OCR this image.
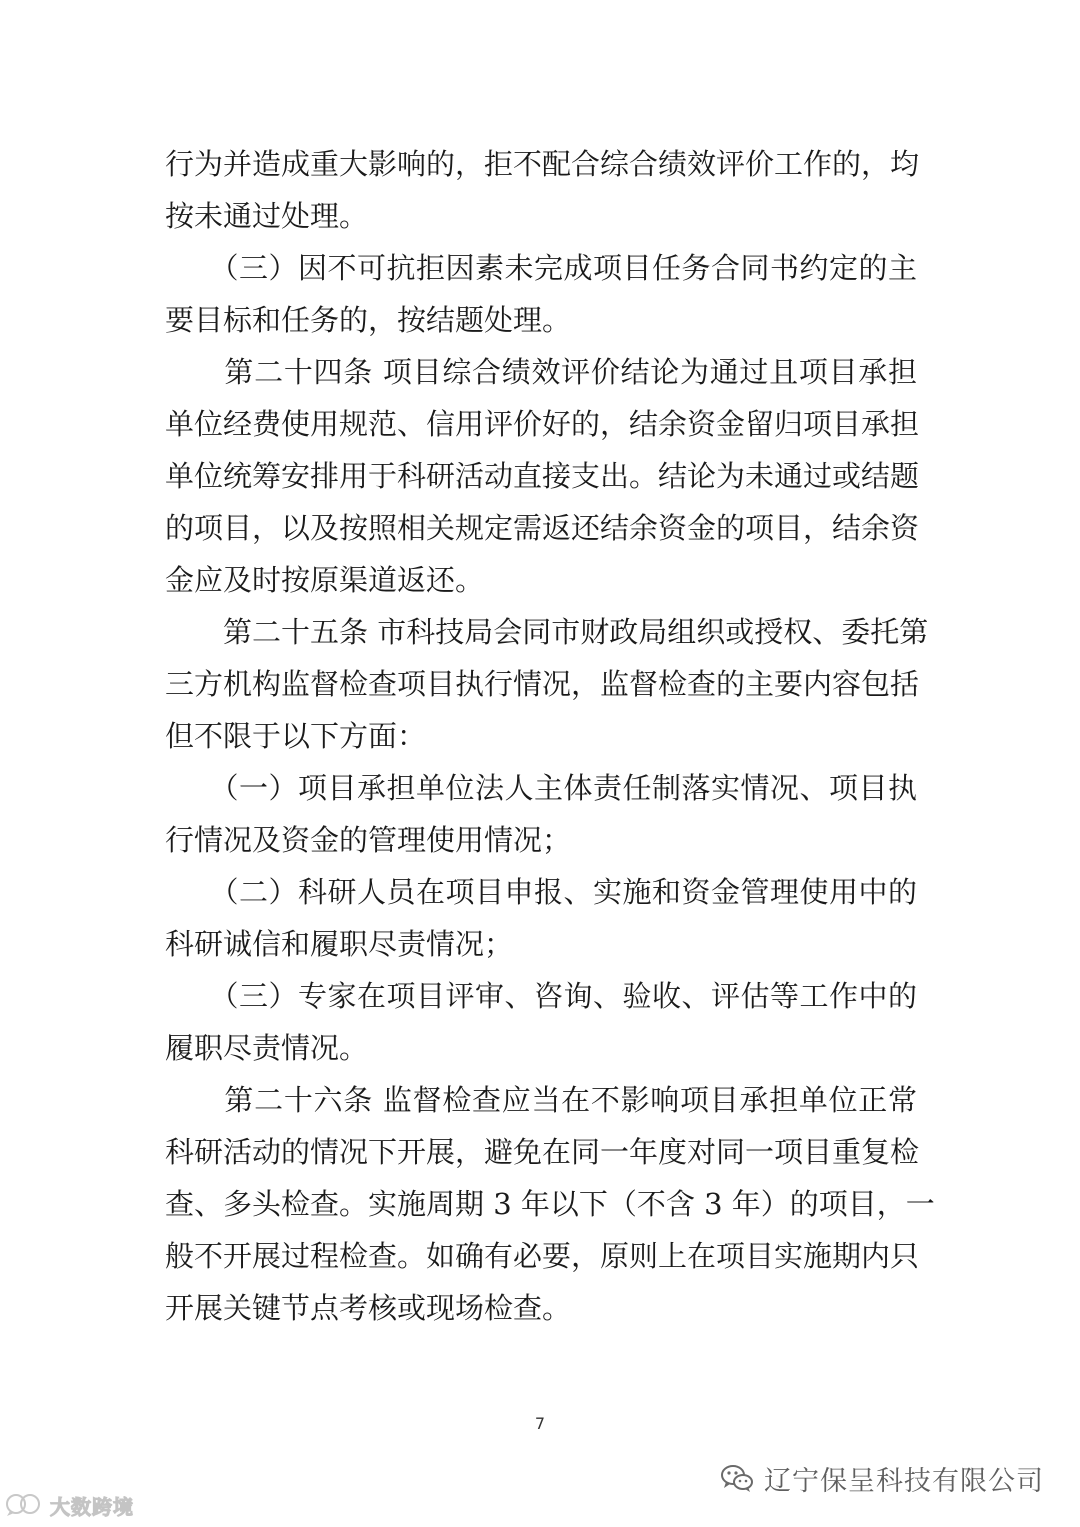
行为并造成重大影响的，拒不配合综合绩效评价工作的，均
按未通过处理。
　　（三）因不可抗拒因素未完成项目任务合同书约定的主
要目标和任务的，按结题处理。
　　第二十四条 项目综合绩效评价结论为通过且项目承担
单位经费使用规范、信用评价好的，结余资金留归项目承担
单位统筹安排用于科研活动直接支出。结论为未通过或结题
的项目，以及按照相关规定需返还结余资金的项目，结余资
金应及时按原渠道返还。
　　第二十五条 市科技局会同市财政局组织或授权、委托第
三方机构监督检查项目执行情况，监督检查的主要内容包括
但不限于以下方面：
　　（一）项目承担单位法人主体责任制落实情况、项目执
行情况及资金的管理使用情况；
　　（二）科研人员在项目申报、实施和资金管理使用中的
科研诚信和履职尽责情况；
　　（三）专家在项目评审、咨询、验收、评估等工作中的
履职尽责情况。
　　第二十六条 监督检查应当在不影响项目承担单位正常
科研活动的情况下开展，避免在同一年度对同一项目重复检
查、多头检查。实施周期 3 年以下（不含 3 年）的项目，一
般不开展过程检查。如确有必要，原则上在项目实施期内只
开展关键节点考核或现场检查。
7
辽宁保呈科技有限公司
大数跨境
